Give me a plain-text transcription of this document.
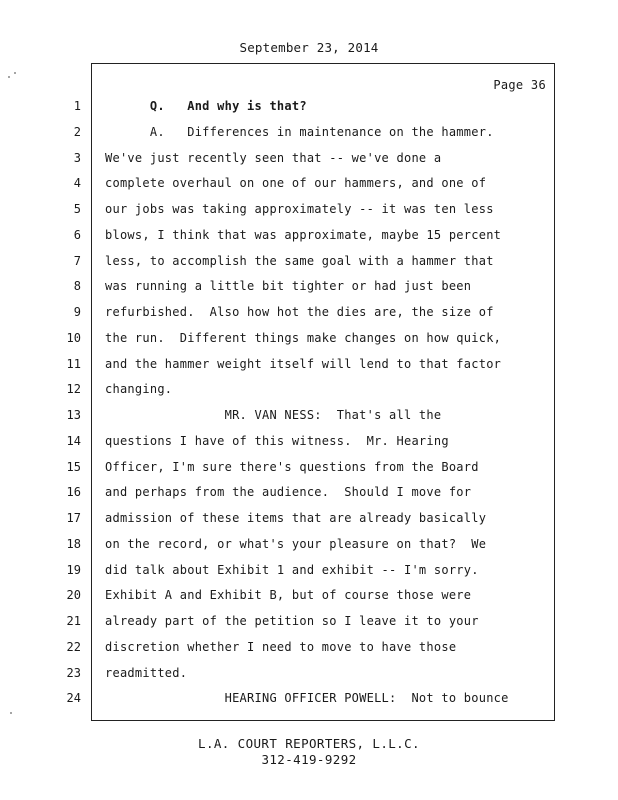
September 23, 2014
Page 36
1
2
3
4
5
6
7
8
9
10
11
12
13
14
15
16
17
18
19
20
21
22
23
24
Q.   And why is that?
A.   Differences in maintenance on the hammer.
We've just recently seen that -- we've done a
complete overhaul on one of our hammers, and one of
our jobs was taking approximately -- it was ten less
blows, I think that was approximate, maybe 15 percent
less, to accomplish the same goal with a hammer that
was running a little bit tighter or had just been
refurbished.  Also how hot the dies are, the size of
the run.  Different things make changes on how quick,
and the hammer weight itself will lend to that factor
changing.
MR. VAN NESS:  That's all the
questions I have of this witness.  Mr. Hearing
Officer, I'm sure there's questions from the Board
and perhaps from the audience.  Should I move for
admission of these items that are already basically
on the record, or what's your pleasure on that?  We
did talk about Exhibit 1 and exhibit -- I'm sorry.
Exhibit A and Exhibit B, but of course those were
already part of the petition so I leave it to your
discretion whether I need to move to have those
readmitted.
HEARING OFFICER POWELL:  Not to bounce
L.A. COURT REPORTERS, L.L.C.
312-419-9292
